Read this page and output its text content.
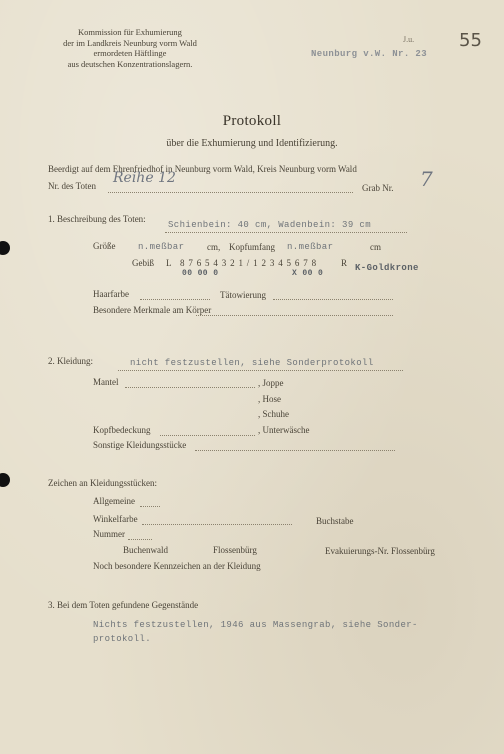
Kommission für Exhumierung
der im Landkreis Neunburg vorm Wald
ermordeten Häftlinge
aus deutschen Konzentrationslagern.
J.u. 55
Neunburg v.W. Nr. 23
Protokoll
über die Exhumierung und Identifizierung.
Beerdigt auf dem Ehrenfriedhof in Neunburg vorm Wald, Kreis Neunburg vorm Wald
Nr. des Toten Reihe 12
Grab Nr. 7
1. Beschreibung des Toten:
Schienbein: 40 cm, Wadenbein: 39 cm
Größe	n.meßbar	cm, Kopfumfang n.meßbar	cm
Gebiß L 8 7 6 5 4 3 2 1 / 1 2 3 4 5 6 7 8	R
00 00 0	X 00 0
K-Goldkrone
Haarfarbe	Tätowierung
Besondere Merkmale am Körper
2. Kleidung:	nicht festzustellen, siehe Sonderprotokoll
Mantel	, Joppe
, Hose
, Schuhe
Kopfbedeckung	, Unterwäsche
Sonstige Kleidungsstücke
Zeichen an Kleidungsstücken:
Allgemeine
Winkelfarbe	Buchstabe
Nummer
Buchenwald	Flossenbürg	Evakuierungs-Nr. Flossenbürg
Noch besondere Kennzeichen an der Kleidung
3. Bei dem Toten gefundene Gegenstände
Nichts festzustellen, 1946 aus Massengrab, siehe Sonder-
protokoll.
